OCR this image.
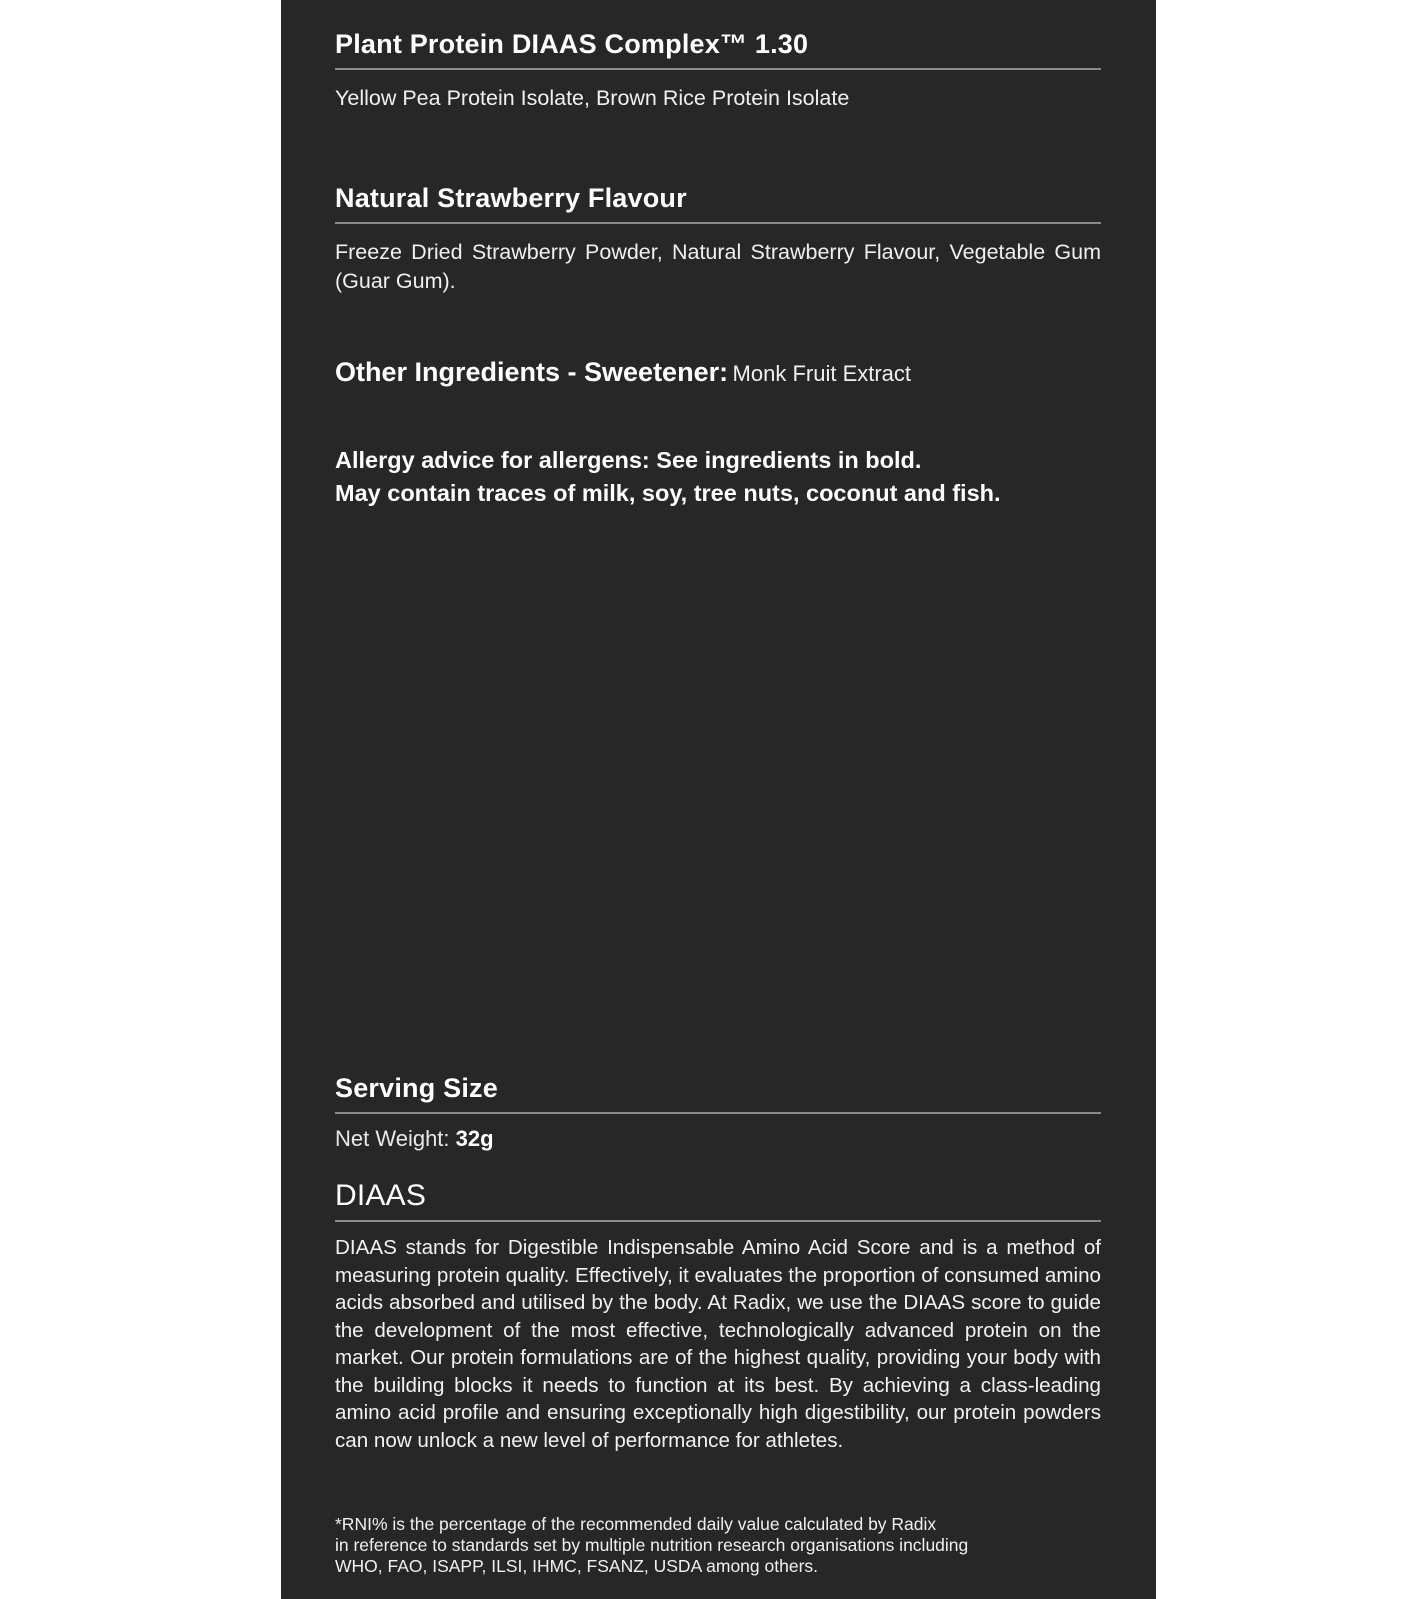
Plant Protein DIAAS Complex™ 1.30
Yellow Pea Protein Isolate, Brown Rice Protein Isolate
Natural Strawberry Flavour
Freeze Dried Strawberry Powder, Natural Strawberry Flavour, Vegetable Gum (Guar Gum).
Other Ingredients - Sweetener: Monk Fruit Extract
Allergy advice for allergens: See ingredients in bold.
May contain traces of milk, soy, tree nuts, coconut and fish.
Serving Size
Net Weight: 32g
DIAAS
DIAAS stands for Digestible Indispensable Amino Acid Score and is a method of measuring protein quality. Effectively, it evaluates the proportion of consumed amino acids absorbed and utilised by the body. At Radix, we use the DIAAS score to guide the development of the most effective, technologically advanced protein on the market. Our protein formulations are of the highest quality, providing your body with the building blocks it needs to function at its best. By achieving a class-leading amino acid profile and ensuring exceptionally high digestibility, our protein powders can now unlock a new level of performance for athletes.
*RNI% is the percentage of the recommended daily value calculated by Radix
in reference to standards set by multiple nutrition research organisations including
WHO, FAO, ISAPP, ILSI, IHMC, FSANZ, USDA among others.
